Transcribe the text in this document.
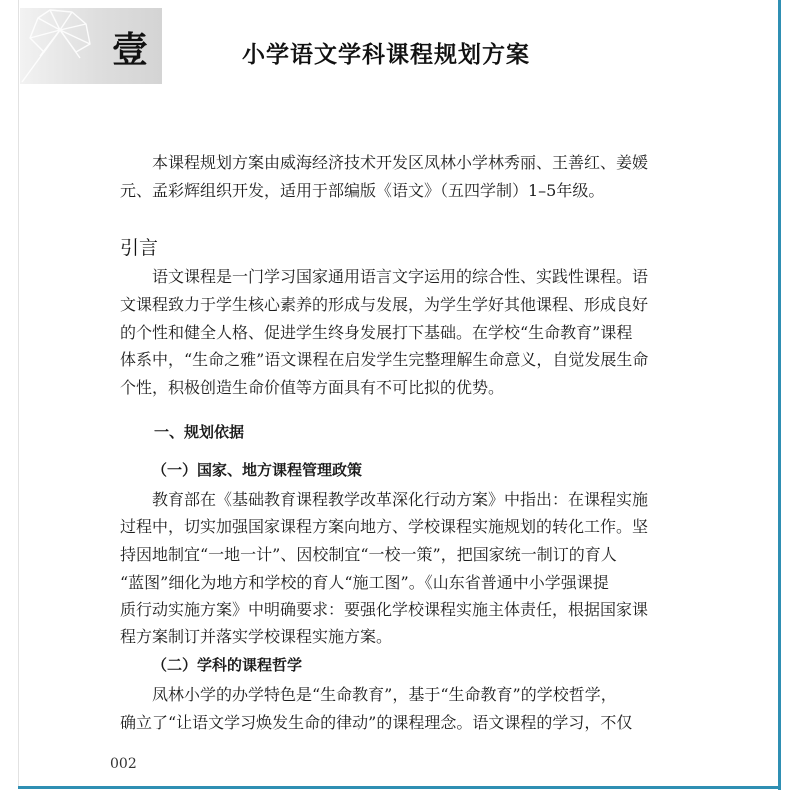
壹	小学语文学科课程规划方案
本课程规划方案由威海经济技术开发区凤林小学林秀丽、王善红、姜媛
元、孟彩辉组织开发，适用于部编版《语文》（五四学制）1–5年级。
引言
语文课程是一门学习国家通用语言文字运用的综合性、实践性课程。语
文课程致力于学生核心素养的形成与发展，为学生学好其他课程、形成良好
的个性和健全人格、促进学生终身发展打下基础。在学校“生命教育”课程
体系中，“生命之雅”语文课程在启发学生完整理解生命意义，自觉发展生命
个性，积极创造生命价值等方面具有不可比拟的优势。
一、规划依据
（一）国家、地方课程管理政策
教育部在《基础教育课程教学改革深化行动方案》中指出：在课程实施
过程中，切实加强国家课程方案向地方、学校课程实施规划的转化工作。坚
持因地制宜“一地一计”、因校制宜“一校一策”，把国家统一制订的育人
“蓝图”细化为地方和学校的育人“施工图”。《山东省普通中小学强课提
质行动实施方案》中明确要求：要强化学校课程实施主体责任，根据国家课
程方案制订并落实学校课程实施方案。
（二）学科的课程哲学
凤林小学的办学特色是“生命教育”，基于“生命教育”的学校哲学，
确立了“让语文学习焕发生命的律动”的课程理念。语文课程的学习，不仅
002
